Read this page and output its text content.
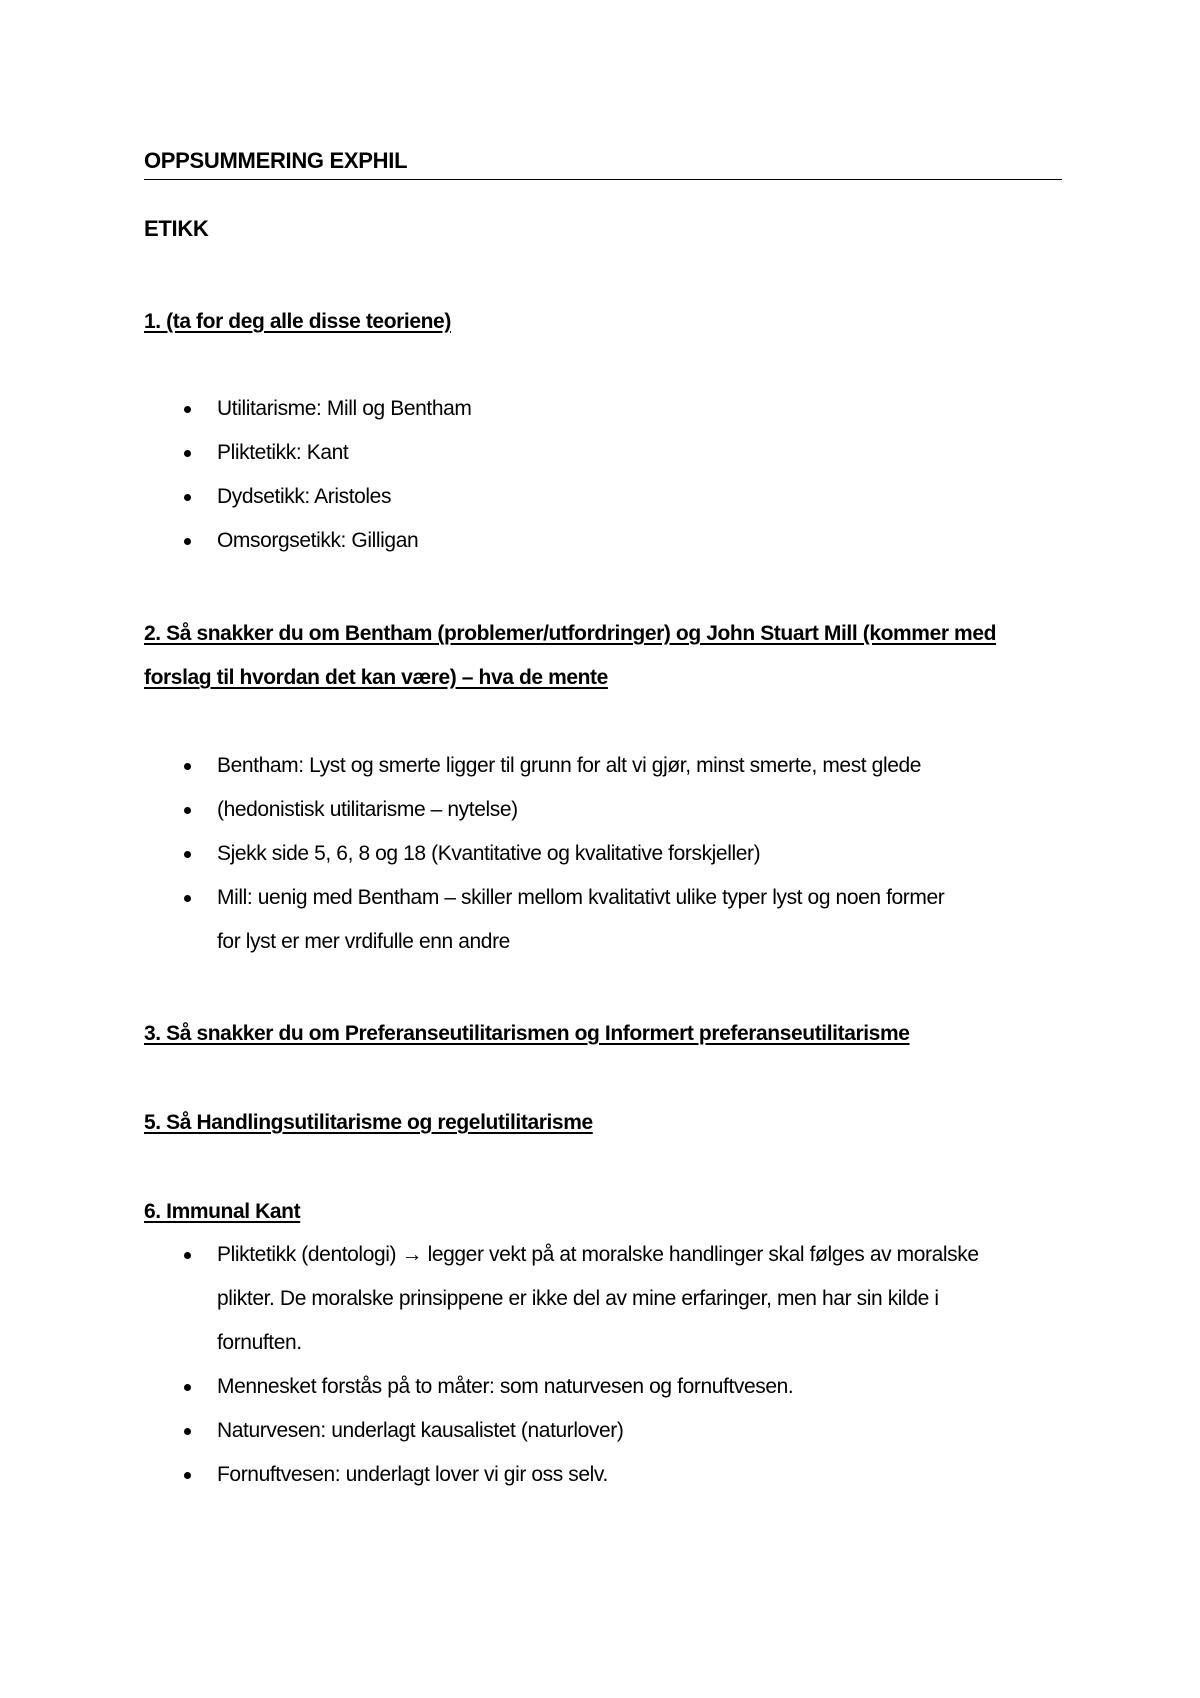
OPPSUMMERING EXPHIL
ETIKK
1. (ta for deg alle disse teoriene)
Utilitarisme: Mill og Bentham
Pliktetikk: Kant
Dydsetikk: Aristoles
Omsorgsetikk: Gilligan
2. Så snakker du om Bentham (problemer/utfordringer) og John Stuart Mill (kommer med
forslag til hvordan det kan være) – hva de mente
Bentham: Lyst og smerte ligger til grunn for alt vi gjør, minst smerte, mest glede
(hedonistisk utilitarisme – nytelse)
Sjekk side 5, 6, 8 og 18 (Kvantitative og kvalitative forskjeller)
Mill: uenig med Bentham – skiller mellom kvalitativt ulike typer lyst og noen former
for lyst er mer vrdifulle enn andre
3. Så snakker du om Preferanseutilitarismen og Informert preferanseutilitarisme
5. Så Handlingsutilitarisme og regelutilitarisme
6. Immunal Kant
Pliktetikk (dentologi) → legger vekt på at moralske handlinger skal følges av moralske
plikter. De moralske prinsippene er ikke del av mine erfaringer, men har sin kilde i
fornuften.
Mennesket forstås på to måter: som naturvesen og fornuftvesen.
Naturvesen: underlagt kausalistet (naturlover)
Fornuftvesen: underlagt lover vi gir oss selv.
